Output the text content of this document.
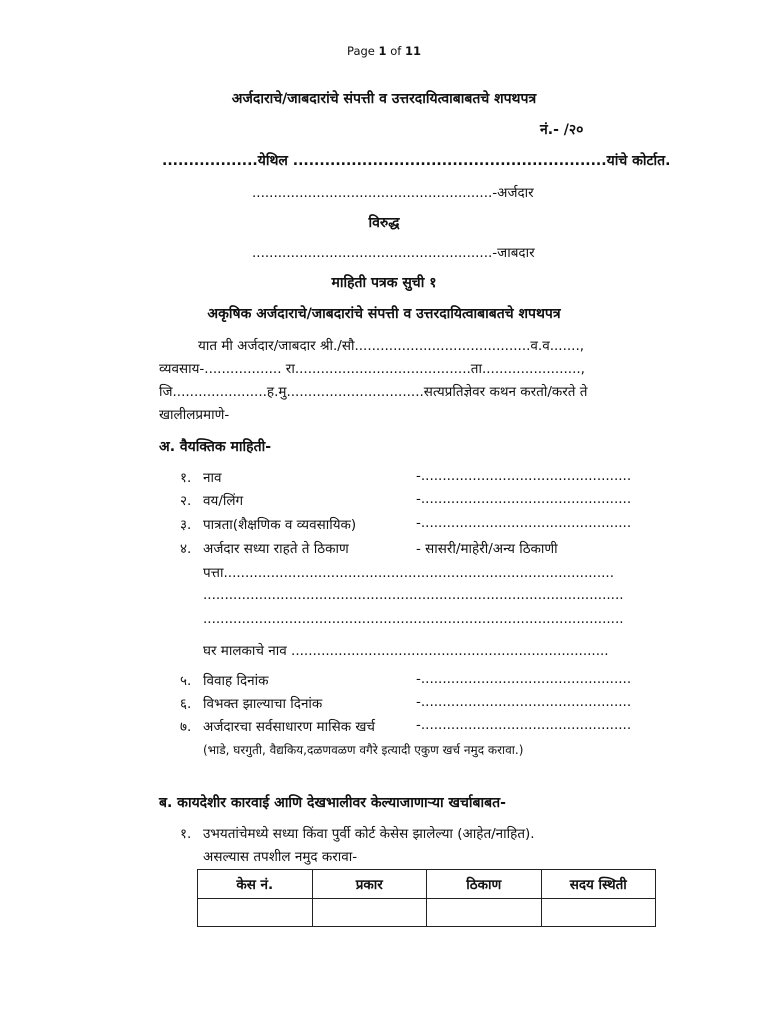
Page 1 of 11
अर्जदाराचे/जाबदारांचे संपत्ती व उत्तरदायित्वाबाबतचे शपथपत्र
नं.- /२०
..................येथिल ...........................................................यांचे कोर्टात.
........................................................-अर्जदार
विरुद्ध
........................................................-जाबदार
माहिती पत्रक सुची १
अकृषिक अर्जदाराचे/जाबदारांचे संपत्ती व उत्तरदायित्वाबाबतचे शपथपत्र
यात मी अर्जदार/जाबदार श्री./सौ.........................................व.व.......,
व्यवसाय-.................. रा.........................................ता.......................,
जि......................ह.मु................................सत्यप्रतिज्ञेवर कथन करतो/करते ते
खालीलप्रमाणे-
अ. वैयक्तिक माहिती-
१. नाव	-.................................................
२. वय/लिंग	-.................................................
३. पात्रता(शैक्षणिक व व्यवसायिक)	-.................................................
४. अर्जदार सध्या राहते ते ठिकाण	- सासरी/माहेरी/अन्य ठिकाणी
पत्ता...........................................................................................
..................................................................................................
..................................................................................................
घर मालकाचे नाव ..........................................................................
५. विवाह दिनांक	-.................................................
६. विभक्त झाल्याचा दिनांक	-.................................................
७. अर्जदारचा सर्वसाधारण मासिक खर्च	-.................................................
(भाडे, घरगुती, वैद्यकिय,दळणवळण वगैरे इत्यादी एकुण खर्च नमुद करावा.)
ब. कायदेशीर कारवाई आणि देखभालीवर केल्याजाणाऱ्या खर्चाबाबत-
१. उभयतांचेमध्ये सध्या किंवा पुर्वी कोर्ट केसेस झालेल्या (आहेत/नाहित).
असल्यास तपशील नमुद करावा-
केस नं.	प्रकार	ठिकाण	सदय स्थिती
